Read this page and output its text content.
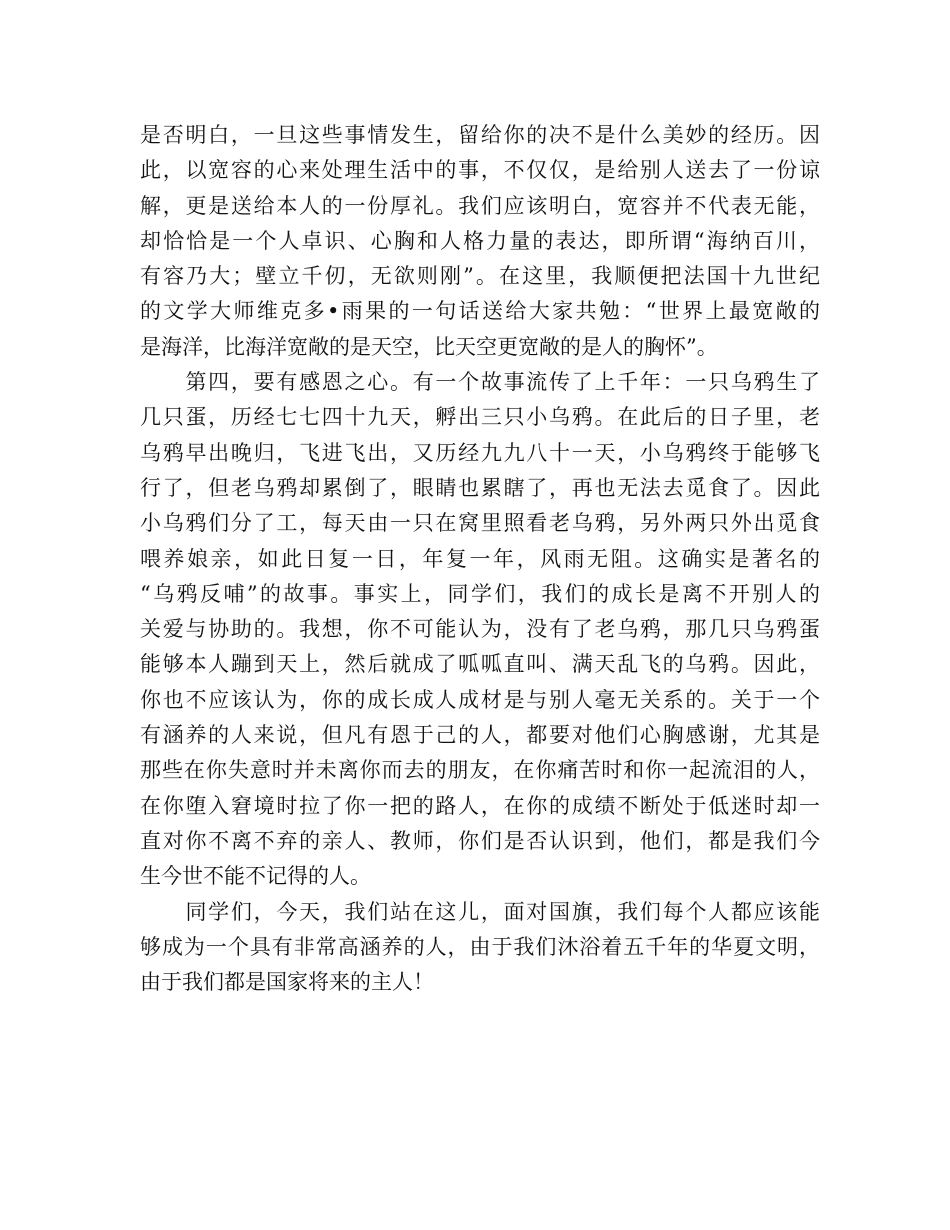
是否明白，一旦这些事情发生，留给你的决不是什么美妙的经历。因
此，以宽容的心来处理生活中的事，不仅仅，是给别人送去了一份谅
解，更是送给本人的一份厚礼。我们应该明白，宽容并不代表无能，
却恰恰是一个人卓识、心胸和人格力量的表达，即所谓“海纳百川，
有容乃大；壁立千仞，无欲则刚”。在这里，我顺便把法国十九世纪
的文学大师维克多•雨果的一句话送给大家共勉：“世界上最宽敞的
是海洋，比海洋宽敞的是天空，比天空更宽敞的是人的胸怀”。

　　第四，要有感恩之心。有一个故事流传了上千年：一只乌鸦生了
几只蛋，历经七七四十九天，孵出三只小乌鸦。在此后的日子里，老
乌鸦早出晚归，飞进飞出，又历经九九八十一天，小乌鸦终于能够飞
行了，但老乌鸦却累倒了，眼睛也累瞎了，再也无法去觅食了。因此
小乌鸦们分了工，每天由一只在窝里照看老乌鸦，另外两只外出觅食
喂养娘亲，如此日复一日，年复一年，风雨无阻。这确实是著名的
“乌鸦反哺”的故事。事实上，同学们，我们的成长是离不开别人的
关爱与协助的。我想，你不可能认为，没有了老乌鸦，那几只乌鸦蛋
能够本人蹦到天上，然后就成了呱呱直叫、满天乱飞的乌鸦。因此，
你也不应该认为，你的成长成人成材是与别人毫无关系的。关于一个
有涵养的人来说，但凡有恩于己的人，都要对他们心胸感谢，尤其是
那些在你失意时并未离你而去的朋友，在你痛苦时和你一起流泪的人，
在你堕入窘境时拉了你一把的路人，在你的成绩不断处于低迷时却一
直对你不离不弃的亲人、教师，你们是否认识到，他们，都是我们今
生今世不能不记得的人。

　　同学们，今天，我们站在这儿，面对国旗，我们每个人都应该能
够成为一个具有非常高涵养的人，由于我们沐浴着五千年的华夏文明，
由于我们都是国家将来的主人！
